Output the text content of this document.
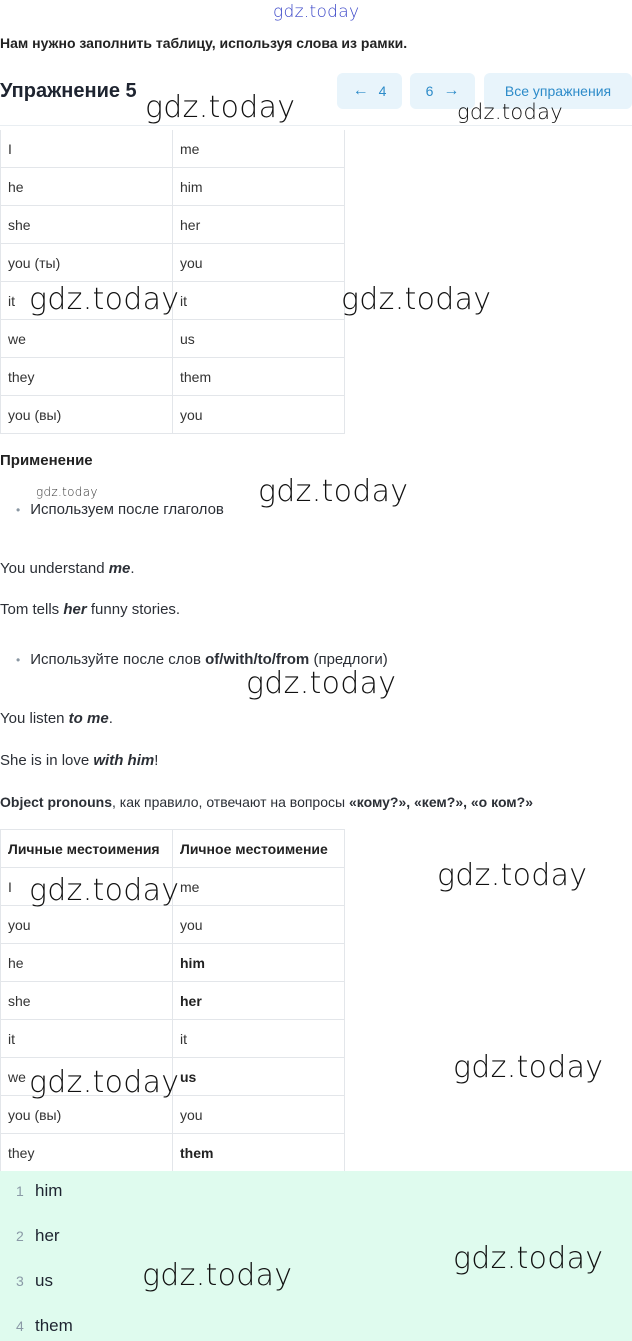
gdz.today
Нам нужно заполнить таблицу, используя слова из рамки.
Упражнение 5	← 4	6 →	Все упражнения
I	me
he	him
she	her
you (ты)	you
it	it
we	us
they	them
you (вы)	you
Применение
• Используем после глаголов
You understand me.
Tom tells her funny stories.
• Используйте после слов of/with/to/from (предлоги)
You listen to me.
She is in love with him!
Object pronouns, как правило, отвечают на вопросы «кому?», «кем?», «о ком?»
Личные местоимения	Личное местоимение
I	me
you	you
he	him
she	her
it	it
we	us
you (вы)	you
they	them
1 him
2 her
3 us
4 them
gdz.today	gdz.today
gdz.today	gdz.today
gdz.today	gdz.today
gdz.today
gdz.today	gdz.today
gdz.today	gdz.today
gdz.today
gdz.today
